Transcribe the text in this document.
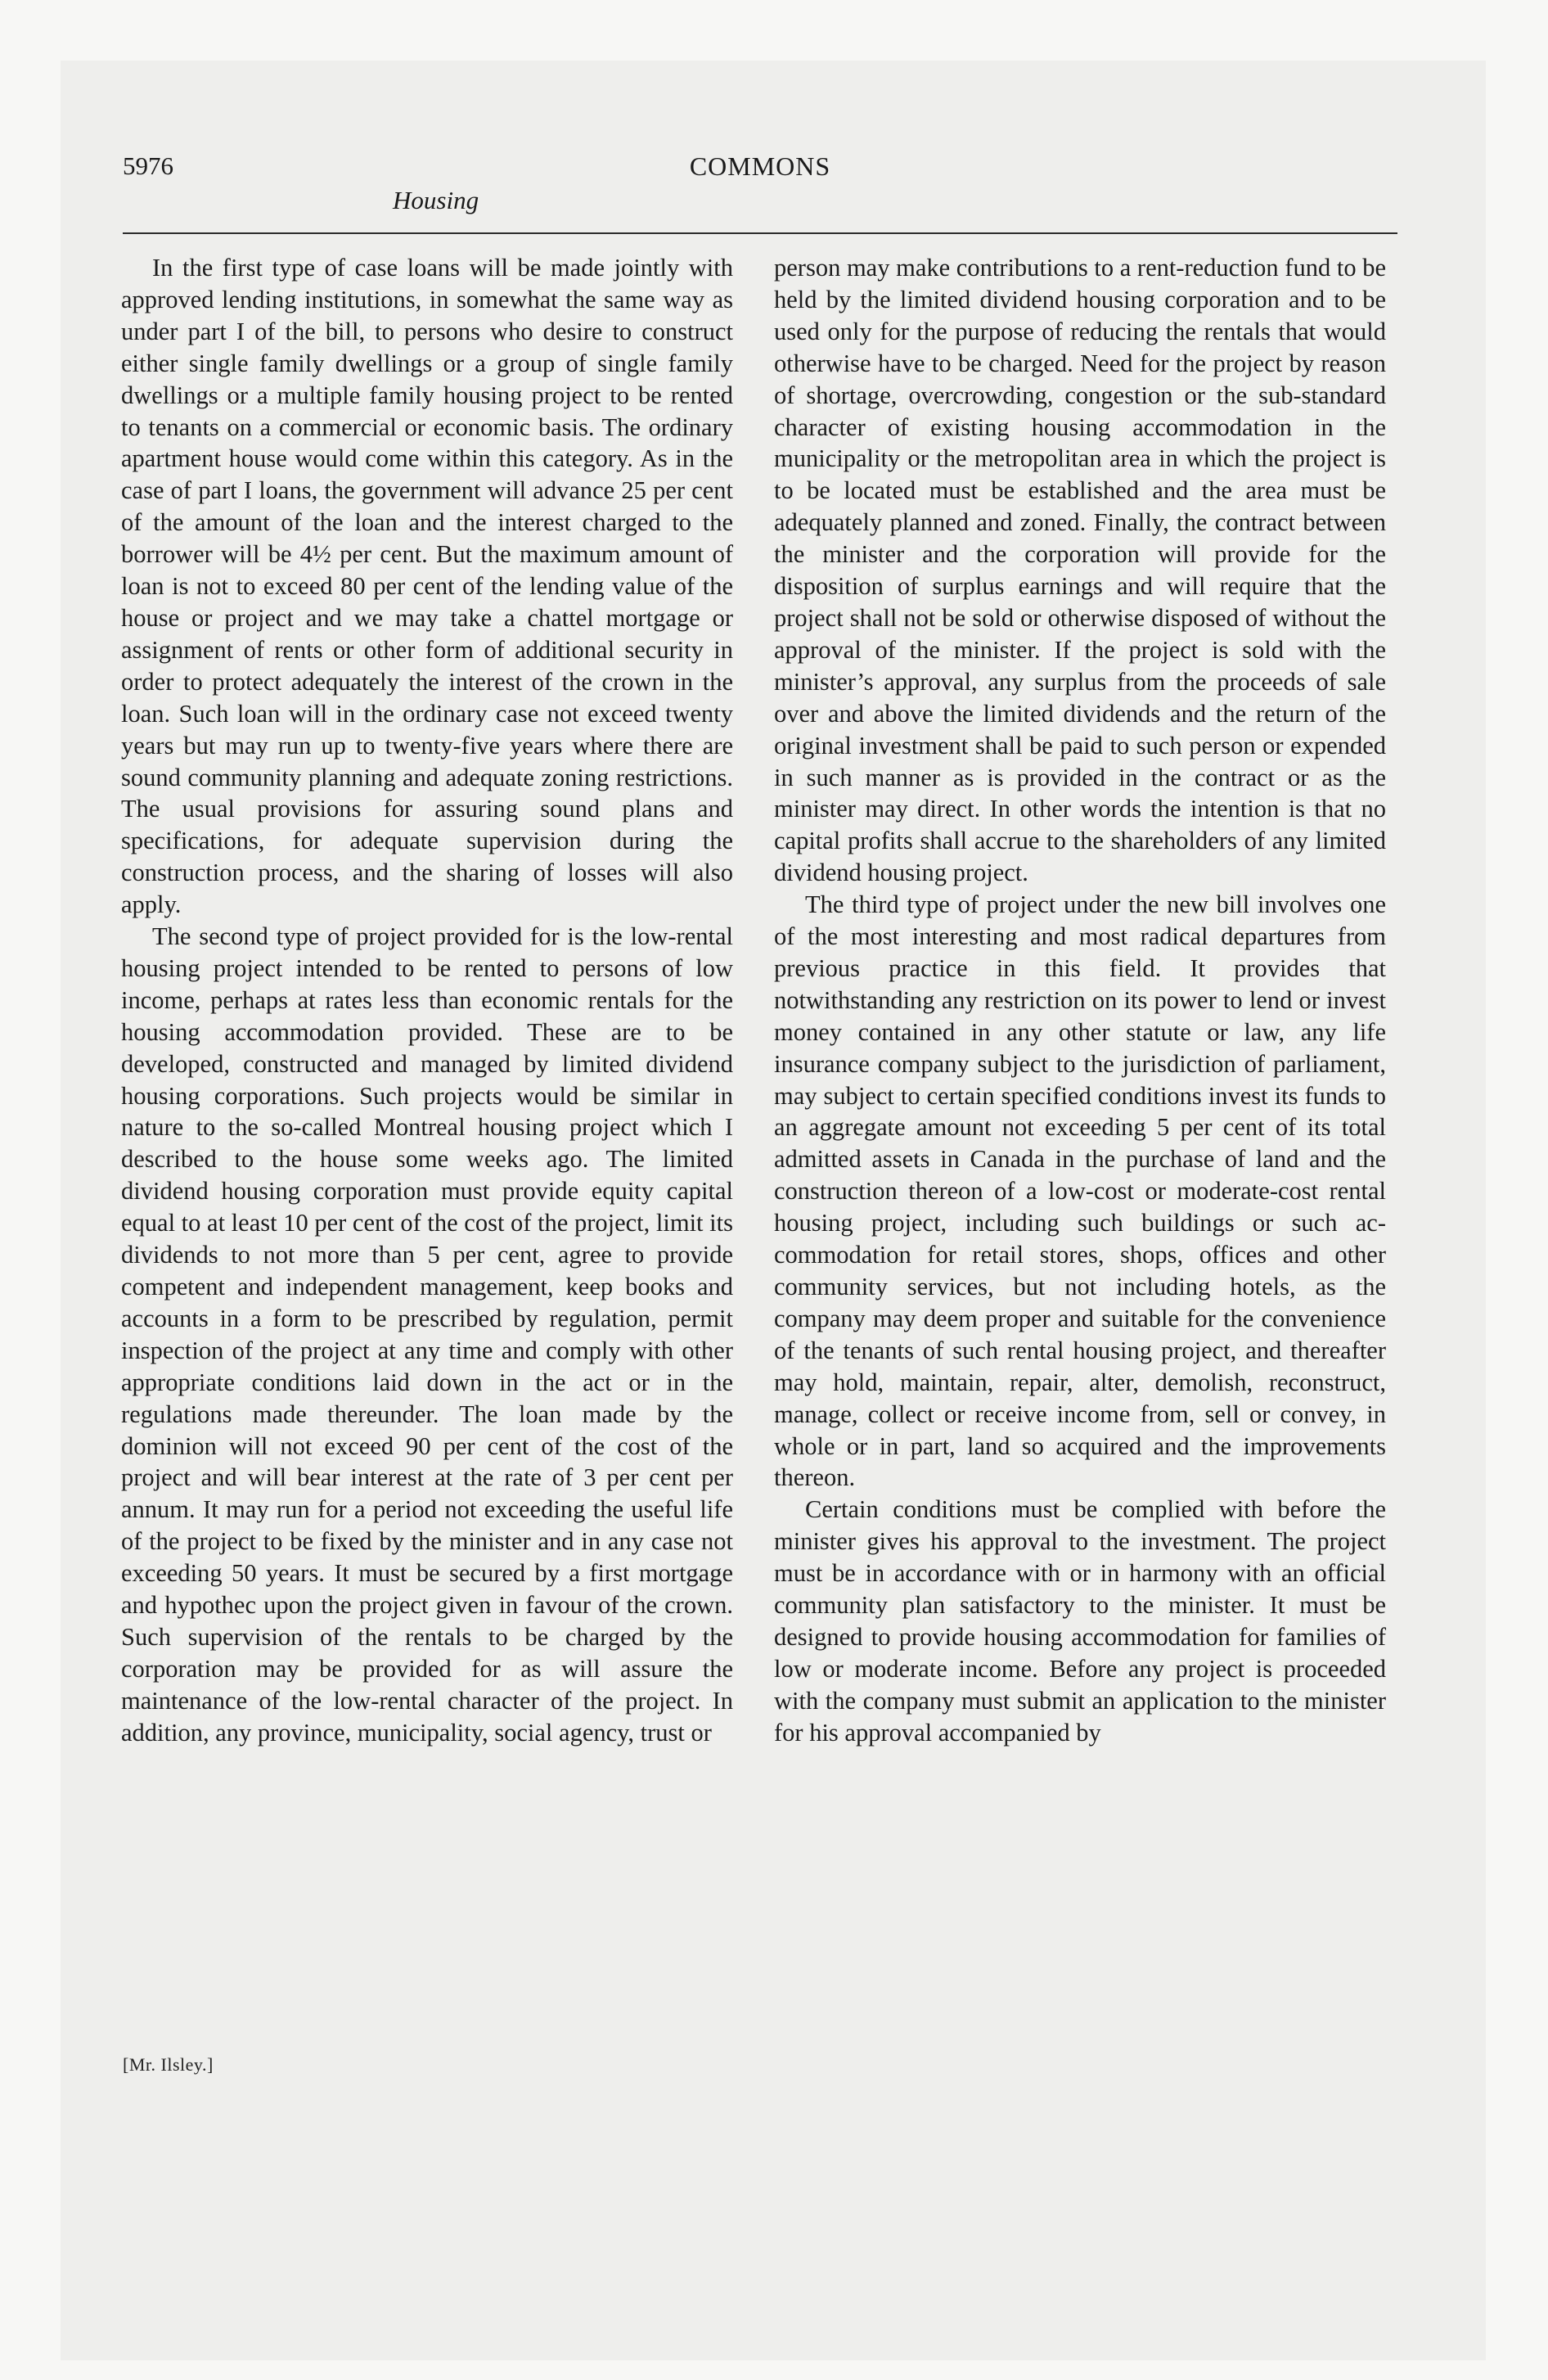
5976	COMMONS
Housing

In the first type of case loans will be made jointly with approved lending institutions, in somewhat the same way as under part I of the bill, to persons who desire to construct either single family dwellings or a group of single family dwellings or a multiple family housing project to be rented to tenants on a commercial or economic basis. The ordinary apartment house would come within this category. As in the case of part I loans, the government will advance 25 per cent of the amount of the loan and the interest charged to the borrower will be 4½ per cent. But the maximum amount of loan is not to exceed 80 per cent of the lending value of the house or project and we may take a chattel mortgage or assignment of rents or other form of additional security in order to protect adequately the interest of the crown in the loan. Such loan will in the ordinary case not exceed twenty years but may run up to twenty-five years where there are sound community planning and adequate zoning restrictions. The usual provisions for assuring sound plans and specifications, for adequate supervision during the construction process, and the sharing of losses will also apply.

The second type of project provided for is the low-rental housing project intended to be rented to persons of low income, perhaps at rates less than economic rentals for the housing accommodation provided. These are to be developed, constructed and managed by limited dividend housing corporations. Such projects would be similar in nature to the so-called Montreal housing project which I described to the house some weeks ago. The limited dividend housing corporation must provide equity capital equal to at least 10 per cent of the cost of the project, limit its dividends to not more than 5 per cent, agree to provide competent and independent management, keep books and accounts in a form to be prescribed by regulation, permit inspection of the project at any time and comply with other appropriate conditions laid down in the act or in the regulations made thereunder. The loan made by the dominion will not exceed 90 per cent of the cost of the project and will bear interest at the rate of 3 per cent per annum. It may run for a period not exceeding the useful life of the project to be fixed by the minister and in any case not exceeding 50 years. It must be secured by a first mortgage and hypothec upon the project given in favour of the crown. Such supervision of the rentals to be charged by the corporation may be provided for as will assure the maintenance of the low-rental character of the project. In addition, any province, municipality, social agency, trust or

person may make contributions to a rent-reduction fund to be held by the limited dividend housing corporation and to be used only for the purpose of reducing the rentals that would otherwise have to be charged. Need for the project by reason of shortage, overcrowding, congestion or the sub-standard character of existing housing accommodation in the municipality or the metropolitan area in which the project is to be located must be established and the area must be adequately planned and zoned. Finally, the contract between the minister and the corporation will provide for the disposition of surplus earnings and will require that the project shall not be sold or otherwise disposed of without the approval of the minister. If the project is sold with the minister’s approval, any surplus from the proceeds of sale over and above the limited dividends and the return of the original investment shall be paid to such person or expended in such manner as is provided in the contract or as the minister may direct. In other words the intention is that no capital profits shall accrue to the shareholders of any limited dividend housing project.

The third type of project under the new bill involves one of the most interesting and most radical departures from previous practice in this field. It provides that notwithstanding any restriction on its power to lend or invest money contained in any other statute or law, any life insurance company subject to the jurisdiction of parliament, may subject to certain specified conditions invest its funds to an aggregate amount not exceeding 5 per cent of its total admitted assets in Canada in the purchase of land and the construction thereon of a low-cost or moderate-cost rental housing project, including such buildings or such accommodation for retail stores, shops, offices and other community services, but not including hotels, as the company may deem proper and suitable for the convenience of the tenants of such rental housing project, and thereafter may hold, maintain, repair, alter, demolish, reconstruct, manage, collect or receive income from, sell or convey, in whole or in part, land so acquired and the improvements thereon.

Certain conditions must be complied with before the minister gives his approval to the investment. The project must be in accordance with or in harmony with an official community plan satisfactory to the minister. It must be designed to provide housing accommodation for families of low or moderate income. Before any project is proceeded with the company must submit an application to the minister for his approval accompanied by

[Mr. Ilsley.]
